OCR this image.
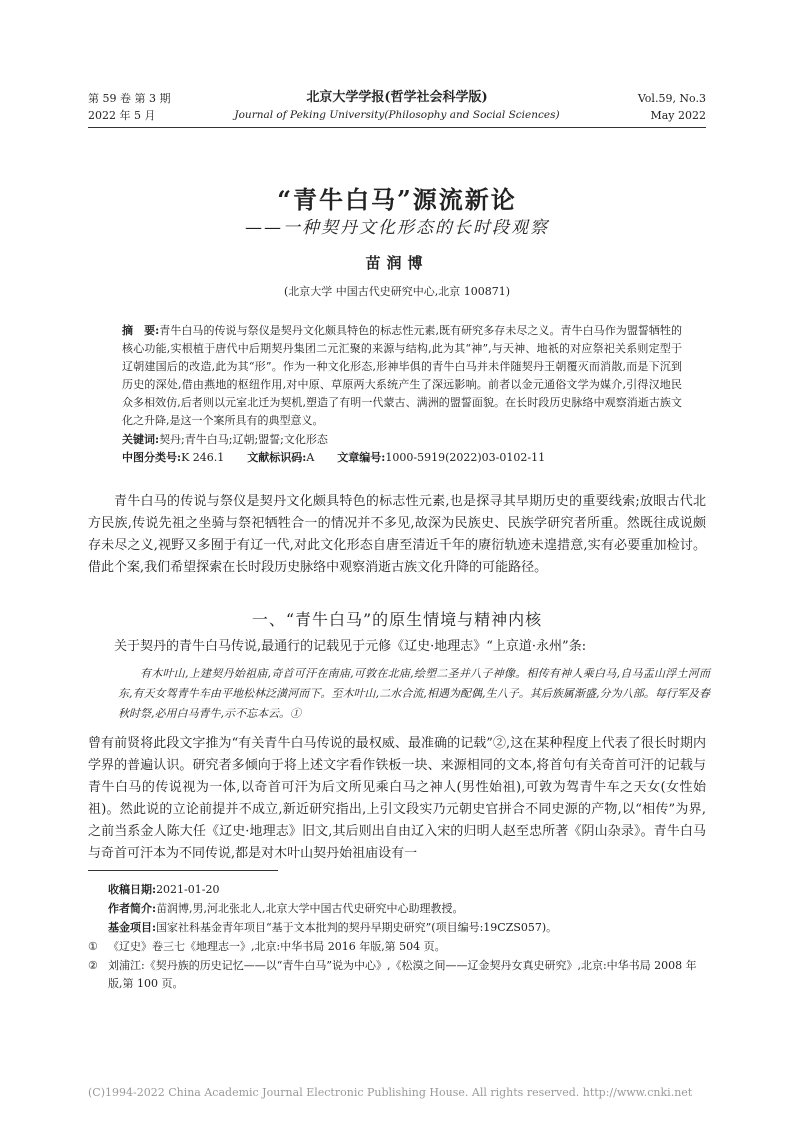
第 59 卷 第 3 期
2022 年 5 月
北京大学学报(哲学社会科学版)
Journal of Peking University(Philosophy and Social Sciences)
Vol.59, No.3
May 2022
“青牛白马”源流新论
——一种契丹文化形态的长时段观察
苗润博
(北京大学 中国古代史研究中心,北京 100871)
摘　要:青牛白马的传说与祭仪是契丹文化颇具特色的标志性元素,既有研究多存未尽之义。青牛白马作为盟誓牺牲的核心功能,实根植于唐代中后期契丹集团二元汇聚的来源与结构,此为其“神”,与天神、地祇的对应祭祀关系则定型于辽朝建国后的改造,此为其“形”。作为一种文化形态,形神毕俱的青牛白马并未伴随契丹王朝覆灭而消散,而是下沉到历史的深处,借由燕地的枢纽作用,对中原、草原两大系统产生了深远影响。前者以金元通俗文学为媒介,引得汉地民众多相效仿,后者则以元室北迁为契机,塑造了有明一代蒙古、满洲的盟誓面貌。在长时段历史脉络中观察消逝古族文化之升降,是这一个案所具有的典型意义。
关键词:契丹;青牛白马;辽朝;盟誓;文化形态
中图分类号:K 246.1 文献标识码:A 文章编号:1000-5919(2022)03-0102-11
青牛白马的传说与祭仪是契丹文化颇具特色的标志性元素,也是探寻其早期历史的重要线索;放眼古代北方民族,传说先祖之坐骑与祭祀牺牲合一的情况并不多见,故深为民族史、民族学研究者所重。然既往成说颇存未尽之义,视野又多囿于有辽一代,对此文化形态自唐至清近千年的赓衍轨迹未遑措意,实有必要重加检讨。借此个案,我们希望探索在长时段历史脉络中观察消逝古族文化升降的可能路径。
一、“青牛白马”的原生情境与精神内核
关于契丹的青牛白马传说,最通行的记载见于元修《辽史·地理志》“上京道·永州”条:
有木叶山,上建契丹始祖庙,奇首可汗在南庙,可敦在北庙,绘塑二圣并八子神像。相传有神人乘白马,自马盂山浮土河而东,有天女驾青牛车由平地松林泛潢河而下。至木叶山,二水合流,相遇为配偶,生八子。其后族属渐盛,分为八部。每行军及春秋时祭,必用白马青牛,示不忘本云。①
曾有前贤将此段文字推为“有关青牛白马传说的最权威、最准确的记载”②,这在某种程度上代表了很长时期内学界的普遍认识。研究者多倾向于将上述文字看作铁板一块、来源相同的文本,将首句有关奇首可汗的记载与青牛白马的传说视为一体,以奇首可汗为后文所见乘白马之神人(男性始祖),可敦为驾青牛车之天女(女性始祖)。然此说的立论前提并不成立,新近研究指出,上引文段实乃元朝史官拼合不同史源的产物,以“相传”为界,之前当系金人陈大任《辽史·地理志》旧文,其后则出自由辽入宋的归明人赵至忠所著《阴山杂录》。青牛白马与奇首可汗本为不同传说,都是对木叶山契丹始祖庙设有一
收稿日期:2021-01-20
作者简介:苗润博,男,河北张北人,北京大学中国古代史研究中心助理教授。
基金项目:国家社科基金青年项目“基于文本批判的契丹早期史研究”(项目编号:19CZS057)。
① 《辽史》卷三七《地理志一》,北京:中华书局 2016 年版,第 504 页。
② 刘浦江:《契丹族的历史记忆——以“青牛白马”说为中心》,《松漠之间——辽金契丹女真史研究》,北京:中华书局 2008 年版,第 100 页。
(C)1994-2022 China Academic Journal Electronic Publishing House. All rights reserved. http://www.cnki.net
